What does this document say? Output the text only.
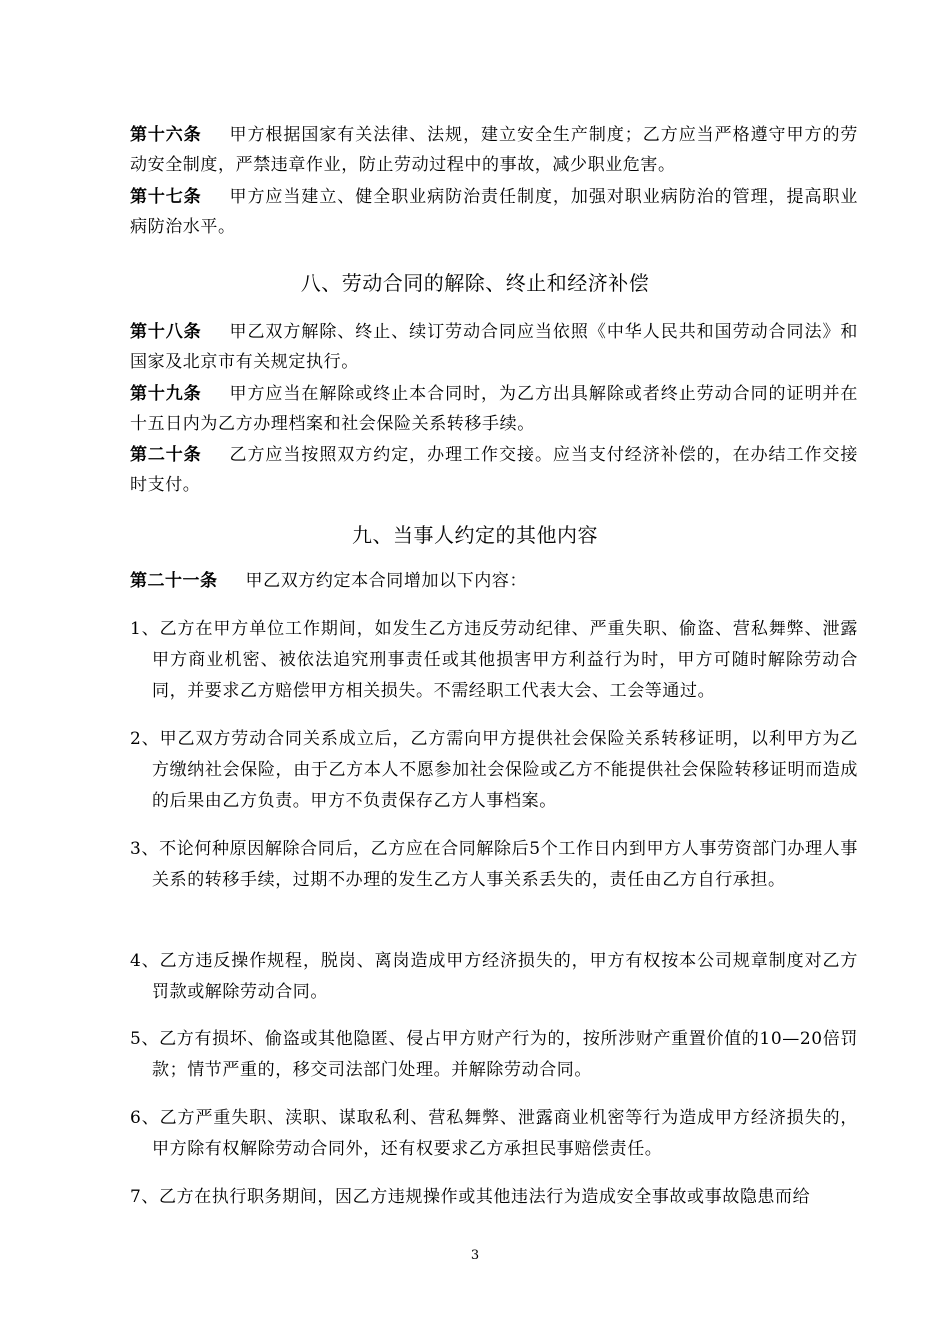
第十六条 甲方根据国家有关法律、法规，建立安全生产制度；乙方应当严格遵守甲方的劳动安全制度，严禁违章作业，防止劳动过程中的事故，减少职业危害。

第十七条 甲方应当建立、健全职业病防治责任制度，加强对职业病防治的管理，提高职业病防治水平。

八、劳动合同的解除、终止和经济补偿

第十八条 甲乙双方解除、终止、续订劳动合同应当依照《中华人民共和国劳动合同法》和国家及北京市有关规定执行。

第十九条 甲方应当在解除或终止本合同时，为乙方出具解除或者终止劳动合同的证明并在十五日内为乙方办理档案和社会保险关系转移手续。

第二十条 乙方应当按照双方约定，办理工作交接。应当支付经济补偿的，在办结工作交接时支付。

九、当事人约定的其他内容

第二十一条 甲乙双方约定本合同增加以下内容：

1、乙方在甲方单位工作期间，如发生乙方违反劳动纪律、严重失职、偷盗、营私舞弊、泄露甲方商业机密、被依法追究刑事责任或其他损害甲方利益行为时，甲方可随时解除劳动合同，并要求乙方赔偿甲方相关损失。不需经职工代表大会、工会等通过。

2、甲乙双方劳动合同关系成立后，乙方需向甲方提供社会保险关系转移证明，以利甲方为乙方缴纳社会保险，由于乙方本人不愿参加社会保险或乙方不能提供社会保险转移证明而造成的后果由乙方负责。甲方不负责保存乙方人事档案。

3、不论何种原因解除合同后，乙方应在合同解除后5个工作日内到甲方人事劳资部门办理人事关系的转移手续，过期不办理的发生乙方人事关系丢失的，责任由乙方自行承担。

4、乙方违反操作规程，脱岗、离岗造成甲方经济损失的，甲方有权按本公司规章制度对乙方罚款或解除劳动合同。

5、乙方有损坏、偷盗或其他隐匿、侵占甲方财产行为的，按所涉财产重置价值的10—20倍罚款；情节严重的，移交司法部门处理。并解除劳动合同。

6、乙方严重失职、渎职、谋取私利、营私舞弊、泄露商业机密等行为造成甲方经济损失的，甲方除有权解除劳动合同外，还有权要求乙方承担民事赔偿责任。

7、乙方在执行职务期间，因乙方违规操作或其他违法行为造成安全事故或事故隐患而给

3
